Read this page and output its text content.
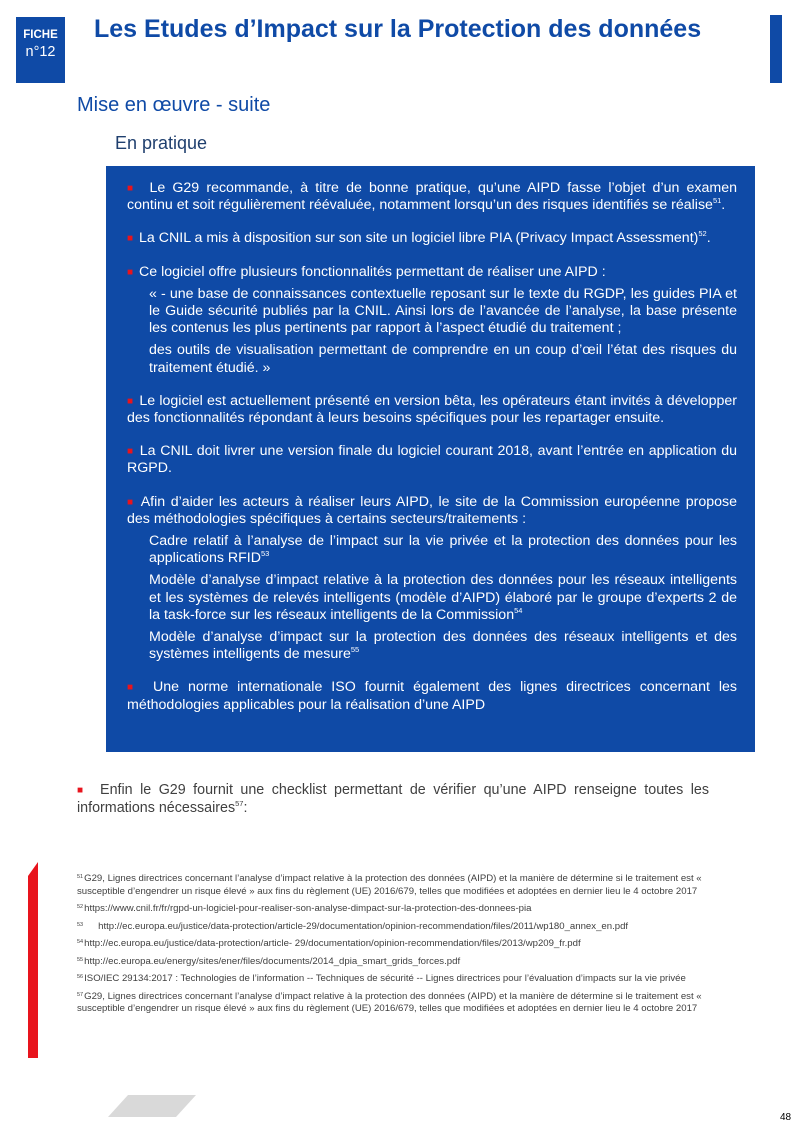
FICHE
n°12
Les Etudes d’Impact sur la Protection des données
Mise en œuvre - suite
En pratique

■ Le G29 recommande, à titre de bonne pratique, qu’une AIPD fasse l’objet d’un examen continu et soit régulièrement réévaluée, notamment lorsqu’un des risques identifiés se réalise$^{51}$.

■ La CNIL a mis à disposition sur son site un logiciel libre PIA (Privacy Impact Assessment)$^{52}$.

■ Ce logiciel offre plusieurs fonctionnalités permettant de réaliser une AIPD :

« - une base de connaissances contextuelle reposant sur le texte du RGDP, les guides PIA et le Guide sécurité publiés par la CNIL. Ainsi lors de l’avancée de l’analyse, la base présente les contenus les plus pertinents par rapport à l’aspect étudié du traitement ;

des outils de visualisation permettant de comprendre en un coup d’œil l’état des risques du traitement étudié. »

■ Le logiciel est actuellement présenté en version bêta, les opérateurs étant invités à développer des fonctionnalités répondant à leurs besoins spécifiques pour les repartager ensuite.

■ La CNIL doit livrer une version finale du logiciel courant 2018, avant l’entrée en application du RGPD.

■ Afin d’aider les acteurs à réaliser leurs AIPD, le site de la Commission européenne propose des méthodologies spécifiques à certains secteurs/traitements :

Cadre relatif à l’analyse de l’impact sur la vie privée et la protection des données pour les applications RFID$^{53}$

Modèle d’analyse d’impact relative à la protection des données pour les réseaux intelligents et les systèmes de relevés intelligents (modèle d’AIPD) élaboré par le groupe d’experts 2 de la task-force sur les réseaux intelligents de la Commission$^{54}$

Modèle d’analyse d’impact sur la protection des données des réseaux intelligents et des systèmes intelligents de mesure$^{55}$

■ Une norme internationale ISO fournit également des lignes directrices concernant les méthodologies applicables pour la réalisation d’une AIPD

■ Enfin le G29 fournit une checklist permettant de vérifier qu’une AIPD renseigne toutes les informations nécessaires$^{57}$:

$^{51}$G29, Lignes directrices concernant l’analyse d’impact relative à la protection des données (AIPD) et la manière de détermine si le traitement est « susceptible d’engendrer un risque élevé » aux fins du règlement (UE) 2016/679, telles que modifiées et adoptées en dernier lieu le 4 octobre 2017

$^{52}$https://www.cnil.fr/fr/rgpd-un-logiciel-pour-realiser-son-analyse-dimpact-sur-la-protection-des-donnees-pia

$^{53}$ http://ec.europa.eu/justice/data-protection/article-29/documentation/opinion-recommendation/files/2011/wp180_annex_en.pdf

$^{54}$http://ec.europa.eu/justice/data-protection/article- 29/documentation/opinion-recommendation/files/2013/wp209_fr.pdf

$^{55}$http://ec.europa.eu/energy/sites/ener/files/documents/2014_dpia_smart_grids_forces.pdf

$^{56}$ISO/IEC 29134:2017 : Technologies de l’information -- Techniques de sécurité -- Lignes directrices pour l’évaluation d’impacts sur la vie privée

$^{57}$G29, Lignes directrices concernant l’analyse d’impact relative à la protection des données (AIPD) et la manière de détermine si le traitement est « susceptible d’engendrer un risque élevé » aux fins du règlement (UE) 2016/679, telles que modifiées et adoptées en dernier lieu le 4 octobre 2017

48
